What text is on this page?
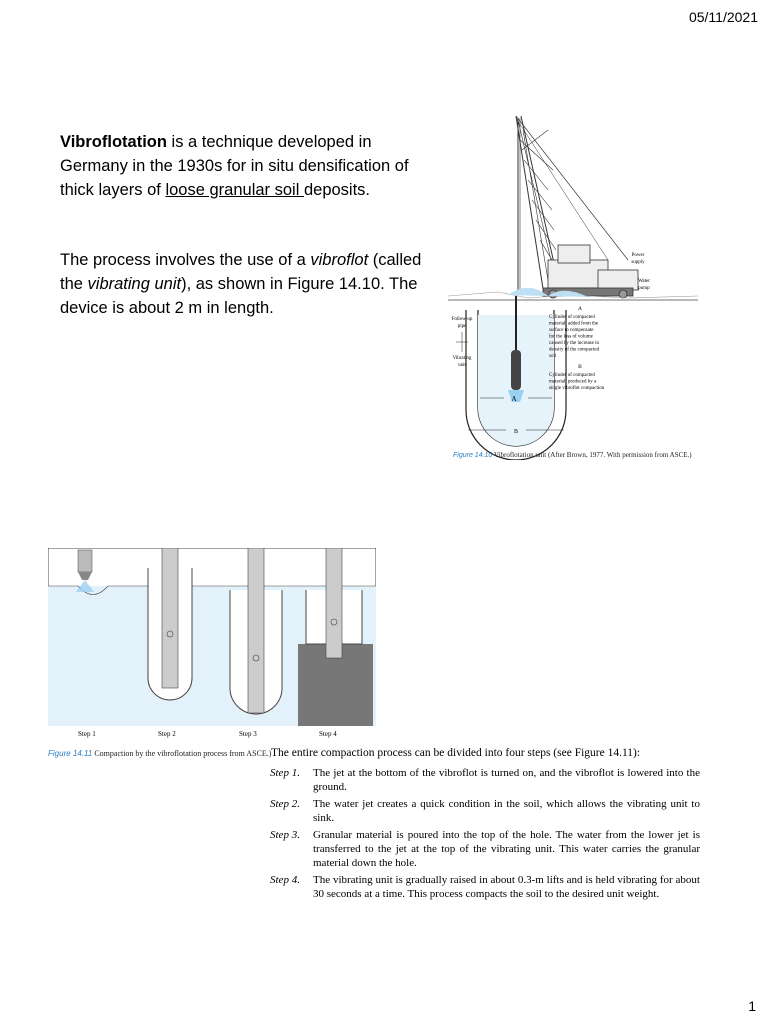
05/11/2021

Vibroflotation is a technique developed in Germany in the 1930s for in situ densification of thick layers of loose granular soil deposits.

The process involves the use of a vibroflot (called the vibrating unit), as shown in Figure 14.10. The device is about 2 m in length.

A
B
Follow-up
pipe
Vibrating
unit
Power
supply
Water
pump
A
Cylinder of compacted
material, added from the
surface to compensate
for the loss of volume
caused by the increase in
density of the compacted
soil
B
Cylinder of compacted
material, produced by a
single vibroflot compaction
Figure 14.10 Vibroflotation unit (After Brown, 1977. With permission from ASCE.)
Step 1	Step 2	Step 3	Step 4
Figure 14.11 Compaction by the vibroflotation process from ASCE.) The entire compaction process can be divided into four steps (see Figure 14.11):

Step 1.	The jet at the bottom of the vibroflot is turned on, and the vibroflot is lowered into the ground.
Step 2.	The water jet creates a quick condition in the soil, which allows the vibrating unit to sink.
Step 3.	Granular material is poured into the top of the hole. The water from the lower jet is transferred to the jet at the top of the vibrating unit. This water carries the granular material down the hole.
Step 4.	The vibrating unit is gradually raised in about 0.3-m lifts and is held vibrating for about 30 seconds at a time. This process compacts the soil to the desired unit weight.
1
